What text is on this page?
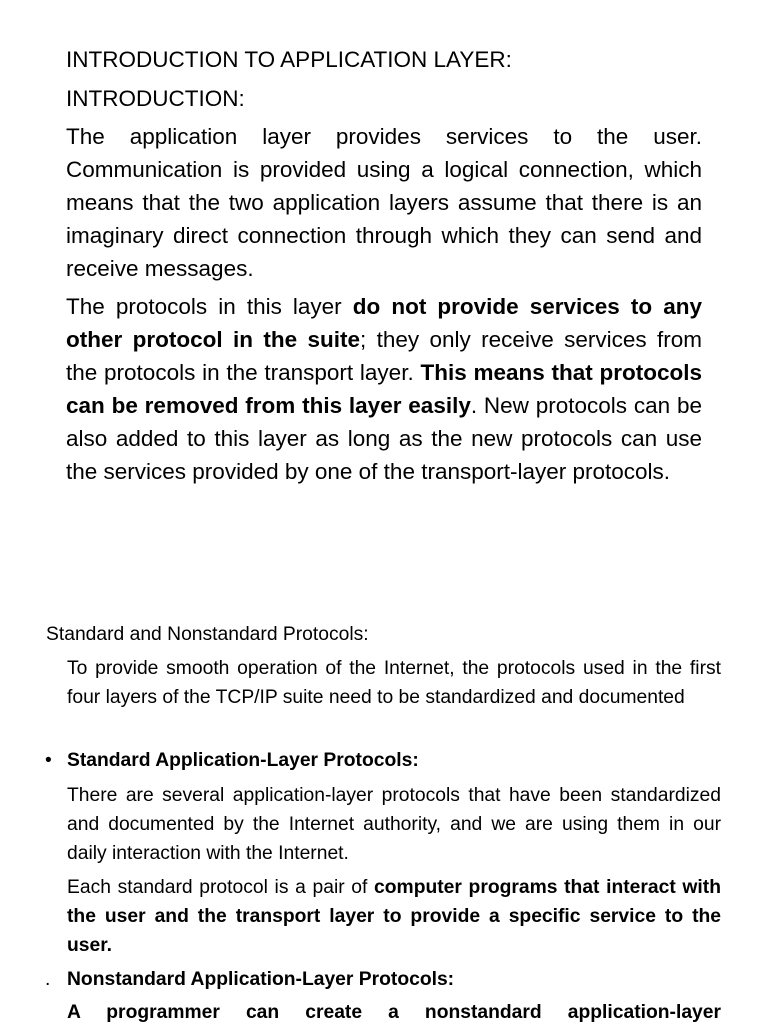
INTRODUCTION TO APPLICATION LAYER:
INTRODUCTION:

The application layer provides services to the user. Communication is provided using a logical connection, which means that the two application layers assume that there is an imaginary direct connection through which they can send and receive messages.

The protocols in this layer do not provide services to any other protocol in the suite; they only receive services from the protocols in the transport layer. This means that protocols can be removed from this layer easily. New protocols can be also added to this layer as long as the new protocols can use the services provided by one of the transport-layer protocols.

Standard and Nonstandard Protocols:

To provide smooth operation of the Internet, the protocols used in the first four layers of the TCP/IP suite need to be standardized and documented

• Standard Application-Layer Protocols:

There are several application-layer protocols that have been standardized and documented by the Internet authority, and we are using them in our daily interaction with the Internet.

Each standard protocol is a pair of computer programs that interact with the user and the transport layer to provide a specific service to the user.

. Nonstandard Application-Layer Protocols:

A programmer can create a nonstandard application-layer
